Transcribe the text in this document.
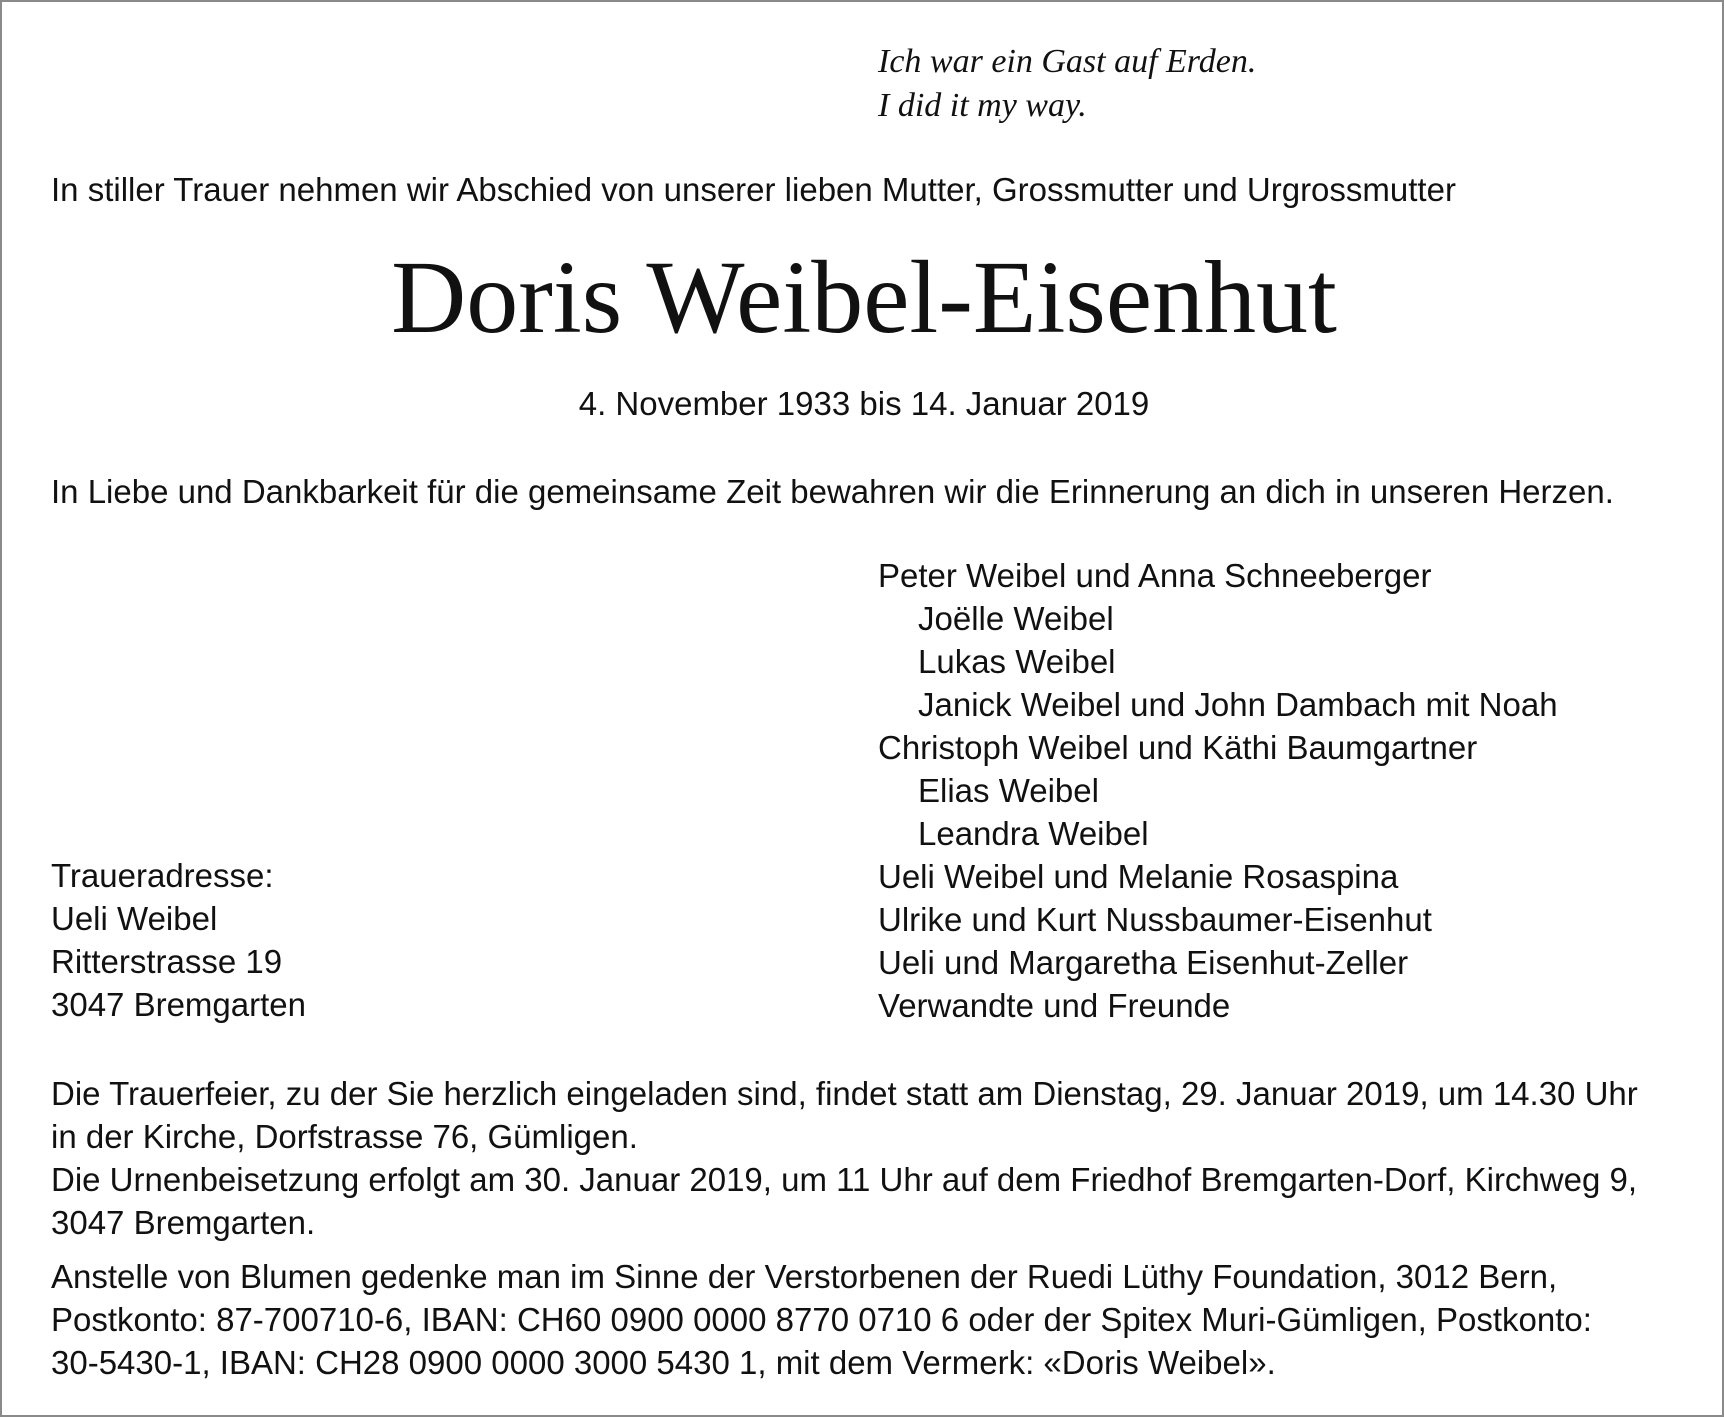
Ich war ein Gast auf Erden.
I did it my way.
In stiller Trauer nehmen wir Abschied von unserer lieben Mutter, Grossmutter und Urgrossmutter
Doris Weibel-Eisenhut
4. November 1933 bis 14. Januar 2019
In Liebe und Dankbarkeit für die gemeinsame Zeit bewahren wir die Erinnerung an dich in unseren Herzen.
Peter Weibel und Anna Schneeberger
Joëlle Weibel
Lukas Weibel
Janick Weibel und John Dambach mit Noah
Christoph Weibel und Käthi Baumgartner
Elias Weibel
Leandra Weibel
Ueli Weibel und Melanie Rosaspina
Ulrike und Kurt Nussbaumer-Eisenhut
Ueli und Margaretha Eisenhut-Zeller
Verwandte und Freunde
Traueradresse:
Ueli Weibel
Ritterstrasse 19
3047 Bremgarten
Die Trauerfeier, zu der Sie herzlich eingeladen sind, findet statt am Dienstag, 29. Januar 2019, um 14.30 Uhr
in der Kirche, Dorfstrasse 76, Gümligen.
Die Urnenbeisetzung erfolgt am 30. Januar 2019, um 11 Uhr auf dem Friedhof Bremgarten-Dorf, Kirchweg 9,
3047 Bremgarten.
Anstelle von Blumen gedenke man im Sinne der Verstorbenen der Ruedi Lüthy Foundation, 3012 Bern,
Postkonto: 87-700710-6, IBAN: CH60 0900 0000 8770 0710 6 oder der Spitex Muri-Gümligen, Postkonto:
30-5430-1, IBAN: CH28 0900 0000 3000 5430 1, mit dem Vermerk: «Doris Weibel».
